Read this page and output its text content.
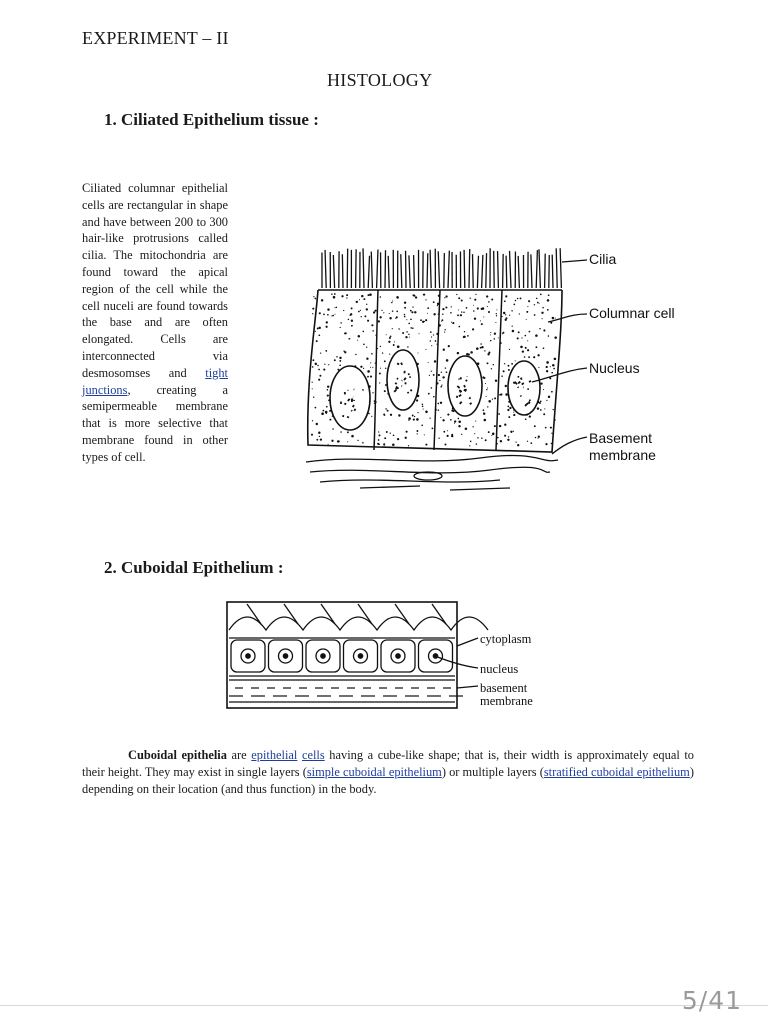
EXPERIMENT – II
HISTOLOGY
1. Ciliated Epithelium tissue :
Ciliated columnar epithelial cells are rectangular in shape and have between 200 to 300 hair-like protrusions called cilia. The mitochondria are found toward the apical region of the cell while the cell nuceli are found towards the base and are often elongated. Cells are interconnected via desmosomses and tight junctions, creating a semipermeable membrane that is more selective that membrane found in other types of cell.
Cilia
Columnar cell
Nucleus
Basement
membrane
2. Cuboidal Epithelium :
cytoplasm
nucleus
basement
membrane
Cuboidal epithelia are epithelial cells having a cube-like shape; that is, their width is approximately equal to their height. They may exist in single layers (simple cuboidal epithelium) or multiple layers (stratified cuboidal epithelium) depending on their location (and thus function) in the body.
5/41
